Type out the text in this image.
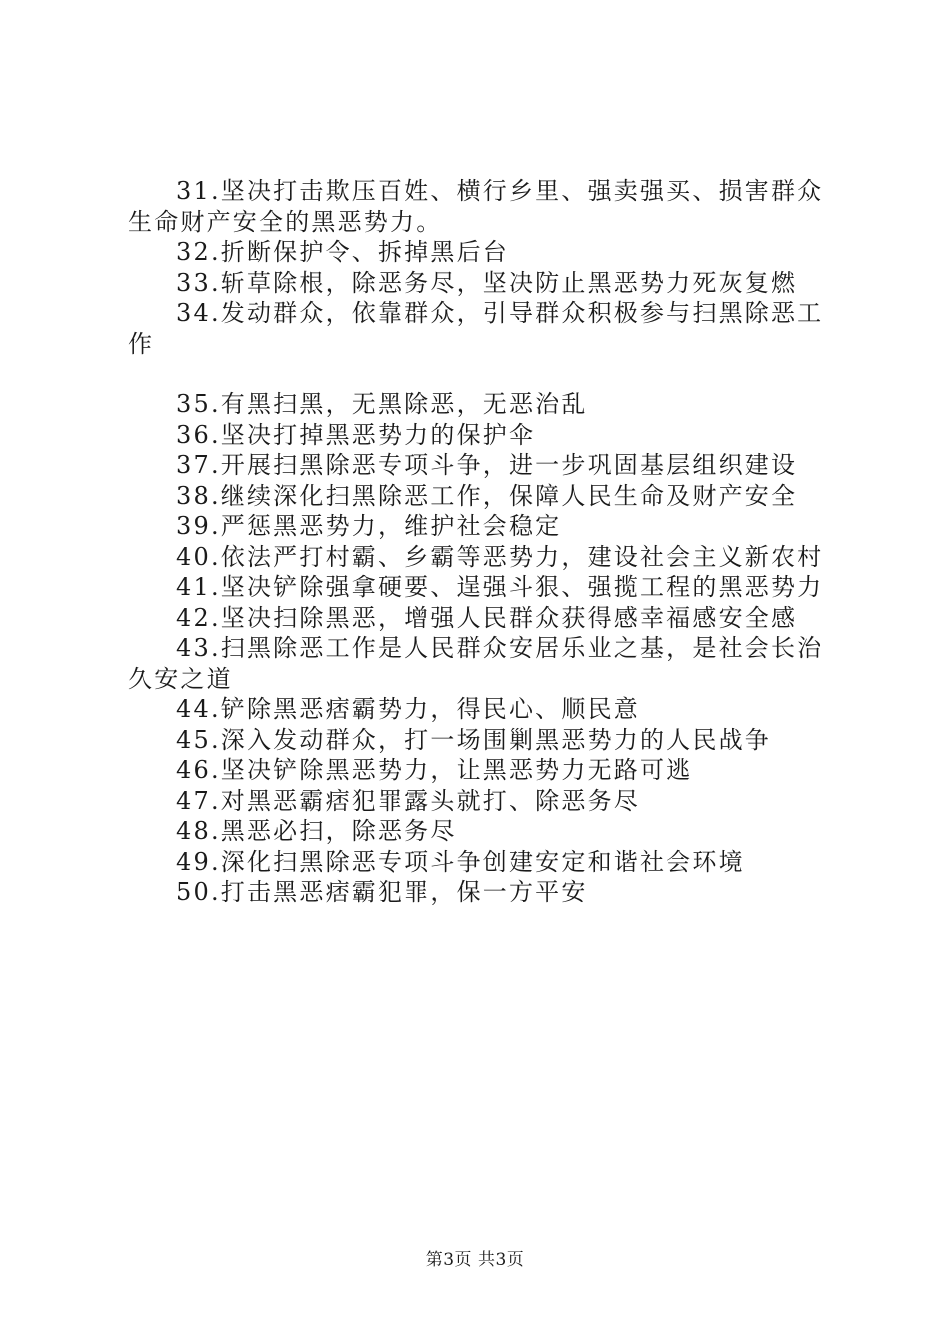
31.坚决打击欺压百姓、横行乡里、强卖强买、损害群众生命财产安全的黑恶势力。

32.折断保护令、拆掉黑后台

33.斩草除根，除恶务尽，坚决防止黑恶势力死灰复燃

34.发动群众，依靠群众，引导群众积极参与扫黑除恶工作

35.有黑扫黑，无黑除恶，无恶治乱

36.坚决打掉黑恶势力的保护伞

37.开展扫黑除恶专项斗争，进一步巩固基层组织建设

38.继续深化扫黑除恶工作，保障人民生命及财产安全

39.严惩黑恶势力，维护社会稳定

40.依法严打村霸、乡霸等恶势力，建设社会主义新农村

41.坚决铲除强拿硬要、逞强斗狠、强揽工程的黑恶势力

42.坚决扫除黑恶，增强人民群众获得感幸福感安全感

43.扫黑除恶工作是人民群众安居乐业之基，是社会长治久安之道

44.铲除黑恶痞霸势力，得民心、顺民意

45.深入发动群众，打一场围剿黑恶势力的人民战争

46.坚决铲除黑恶势力，让黑恶势力无路可逃

47.对黑恶霸痞犯罪露头就打、除恶务尽

48.黑恶必扫，除恶务尽

49.深化扫黑除恶专项斗争创建安定和谐社会环境

50.打击黑恶痞霸犯罪，保一方平安

第3页 共3页
